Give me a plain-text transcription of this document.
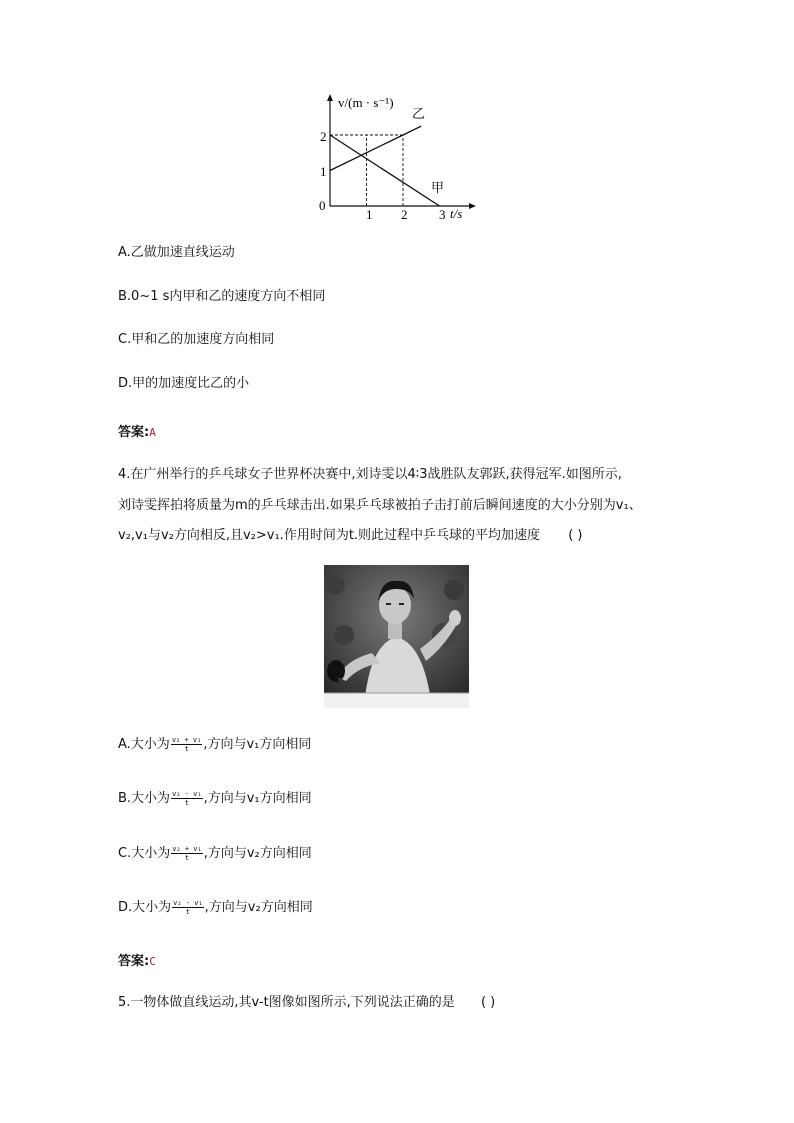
v/(m · s⁻¹)
t/s
0
1 2 3
1
2
乙
甲
A.乙做加速直线运动
B.0~1 s内甲和乙的速度方向不相同
C.甲和乙的加速度方向相同
D.甲的加速度比乙的小
答案:A
4.在广州举行的乒乓球女子世界杯决赛中,刘诗雯以4∶3战胜队友郭跃,获得冠军.如图所示,
刘诗雯挥拍将质量为m的乒乓球击出.如果乒乓球被拍子击打前后瞬间速度的大小分别为v₁、
v₂,v₁与v₂方向相反,且v₂>v₁.作用时间为t.则此过程中乒乓球的平均加速度 ( )
A.大小为 $\frac{\text{v₂ + v₁}}{t}$ ,方向与v₁方向相同
B.大小为 $\frac{\text{v₂ - v₁}}{t}$ ,方向与v₁方向相同
C.大小为 $\frac{\text{v₂ + v₁}}{t}$ ,方向与v₂方向相同
D.大小为 $\frac{\text{v₂ - v₁}}{t}$ ,方向与v₂方向相同
答案:C
5.一物体做直线运动,其v-t图像如图所示,下列说法正确的是 ( )
